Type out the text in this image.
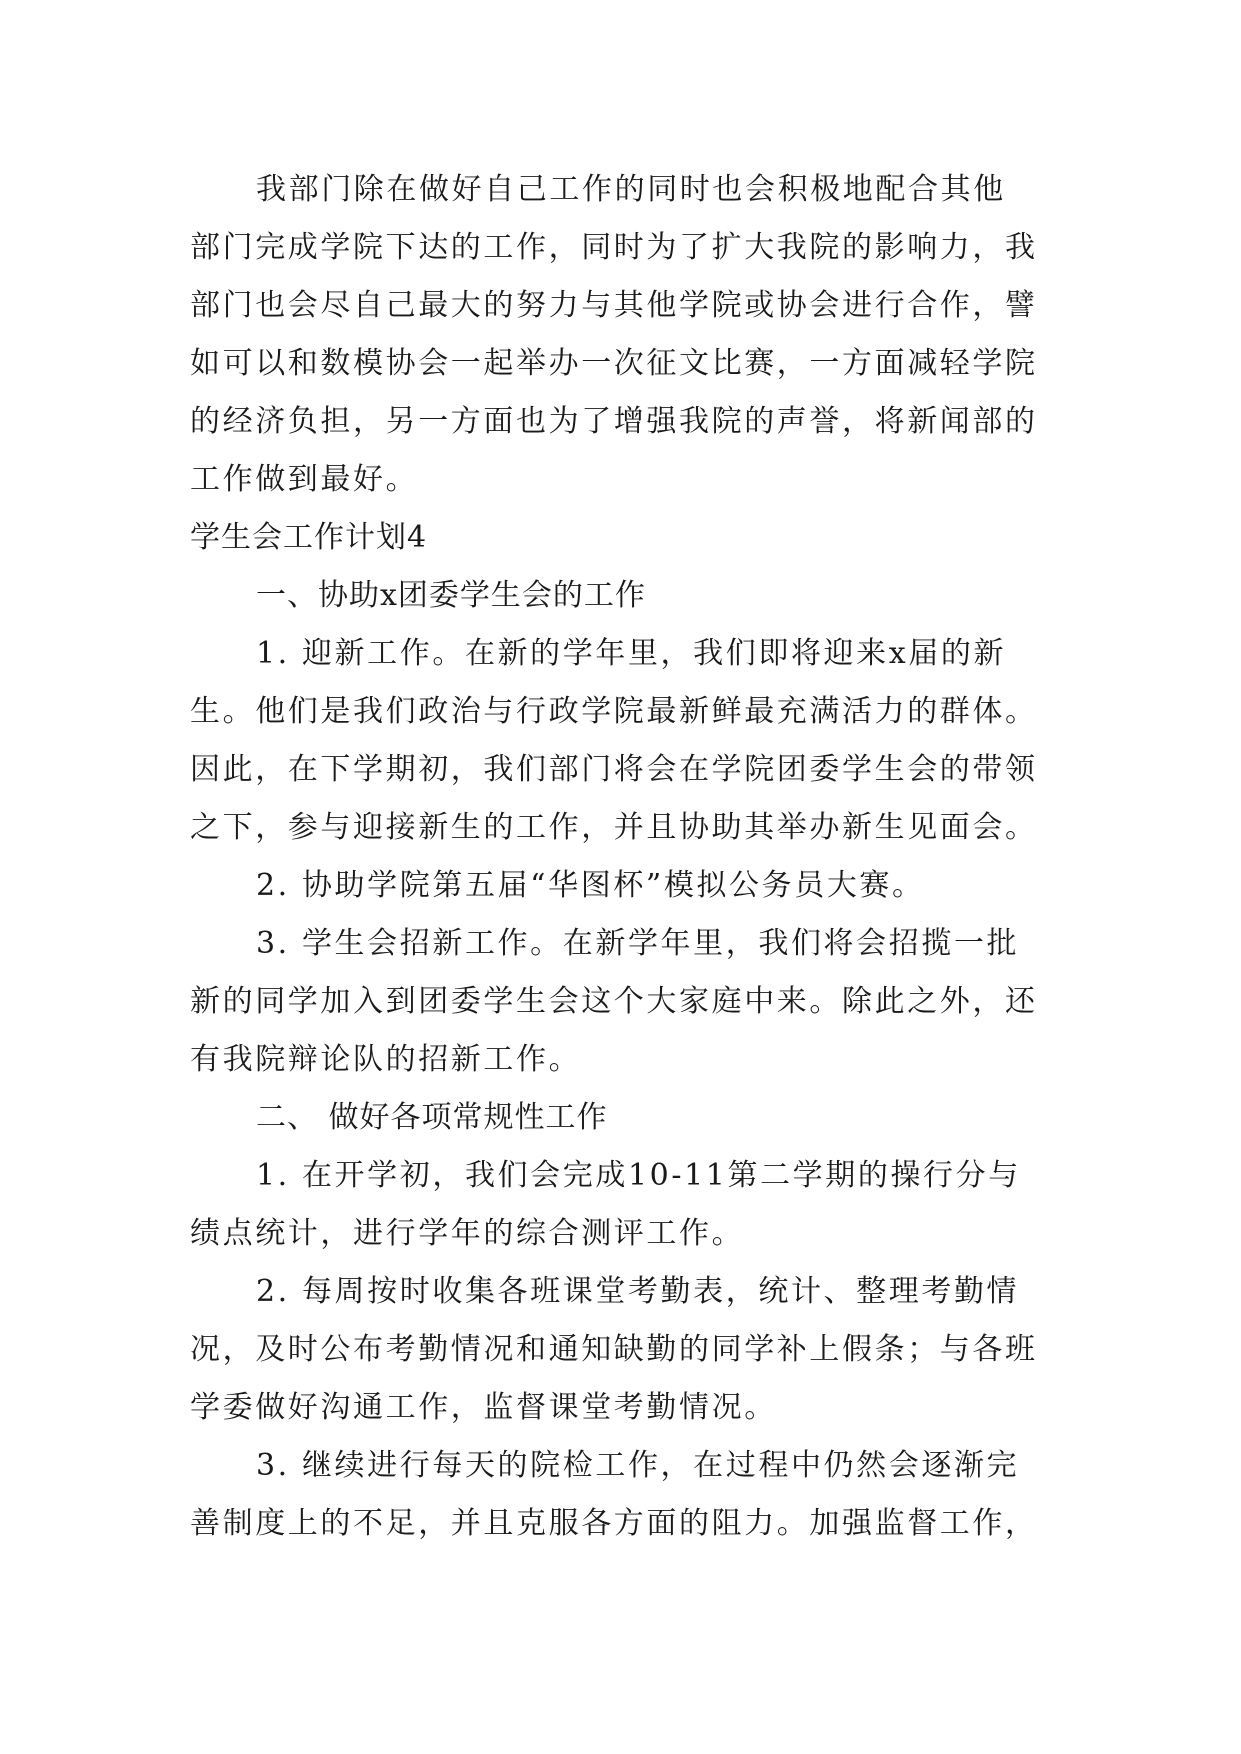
我部门除在做好自己工作的同时也会积极地配合其他
部门完成学院下达的工作，同时为了扩大我院的影响力，我
部门也会尽自己最大的努力与其他学院或协会进行合作，譬
如可以和数模协会一起举办一次征文比赛，一方面减轻学院
的经济负担，另一方面也为了增强我院的声誉，将新闻部的
工作做到最好。
学生会工作计划4
一、协助x团委学生会的工作
1. 迎新工作。在新的学年里，我们即将迎来x届的新
生。他们是我们政治与行政学院最新鲜最充满活力的群体。
因此，在下学期初，我们部门将会在学院团委学生会的带领
之下，参与迎接新生的工作，并且协助其举办新生见面会。
2. 协助学院第五届“华图杯”模拟公务员大赛。
3. 学生会招新工作。在新学年里，我们将会招揽一批
新的同学加入到团委学生会这个大家庭中来。除此之外，还
有我院辩论队的招新工作。
二、 做好各项常规性工作
1. 在开学初，我们会完成10-11第二学期的操行分与
绩点统计，进行学年的综合测评工作。
2. 每周按时收集各班课堂考勤表，统计、整理考勤情
况，及时公布考勤情况和通知缺勤的同学补上假条；与各班
学委做好沟通工作，监督课堂考勤情况。
3. 继续进行每天的院检工作，在过程中仍然会逐渐完
善制度上的不足，并且克服各方面的阻力。加强监督工作，
